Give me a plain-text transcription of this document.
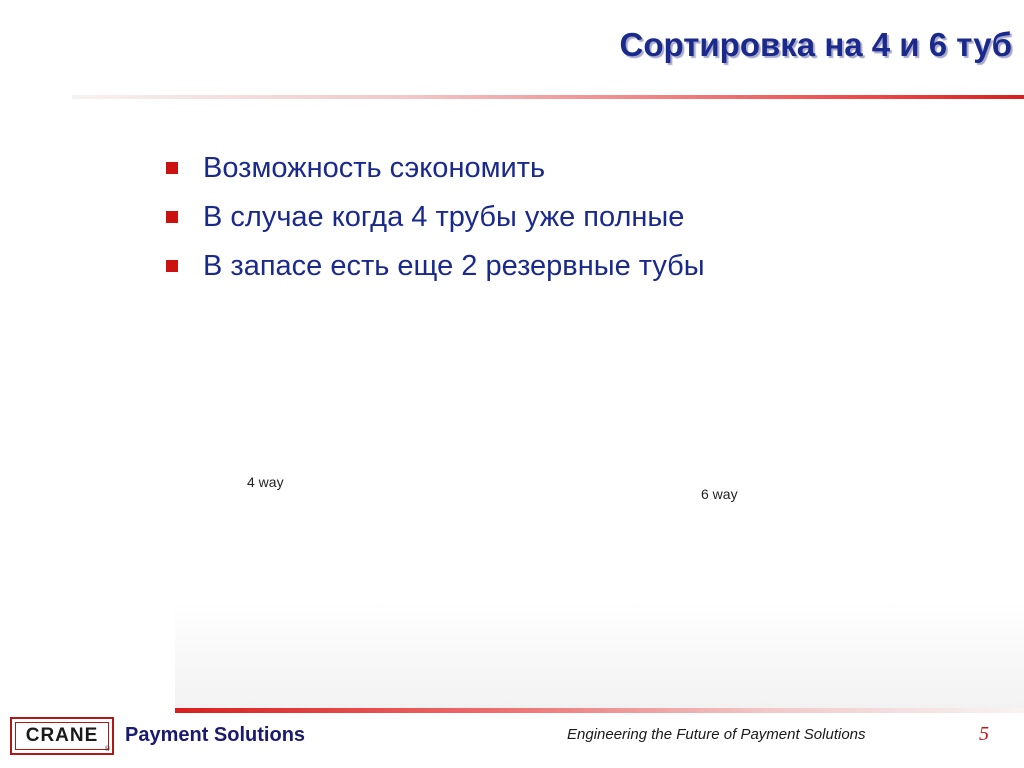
Сортировка на 4 и 6 туб
Возможность сэкономить
В случае когда 4 трубы уже полные
В запасе есть еще 2 резервные тубы
4 way
6 way
CRANE
®
Payment Solutions	Engineering the Future of Payment Solutions	5
